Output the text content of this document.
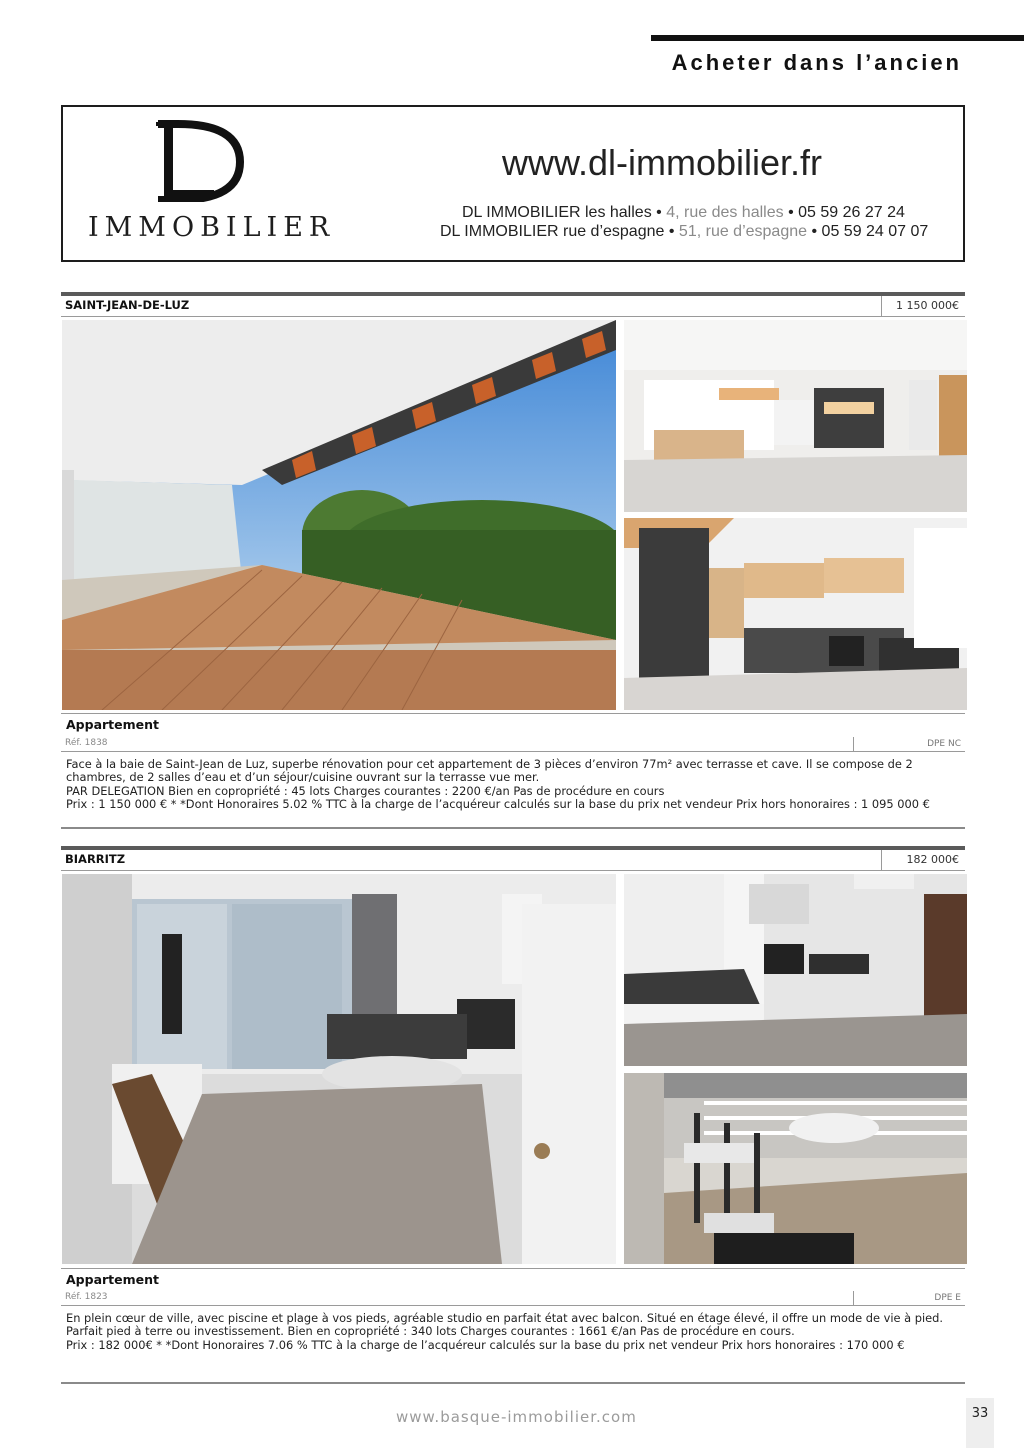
Acheter dans l’ancien
IMMOBILIER
www.dl-immobilier.fr
DL IMMOBILIER les halles • 4, rue des halles • 05 59 26 27 24
DL IMMOBILIER rue d’espagne • 51, rue d’espagne • 05 59 24 07 07
SAINT-JEAN-DE-LUZ	1 150 000€
Appartement
Réf. 1838	DPE NC

Face à la baie de Saint-Jean de Luz, superbe rénovation pour cet appartement de 3 pièces d’environ 77m² avec terrasse et cave. Il se compose de 2 chambres, de 2 salles d’eau et d’un séjour/cuisine ouvrant sur la terrasse vue mer.

PAR DELEGATION Bien en copropriété : 45 lots Charges courantes : 2200 €/an Pas de procédure en cours

Prix : 1 150 000 € * *Dont Honoraires 5.02 % TTC à la charge de l’acquéreur calculés sur la base du prix net vendeur Prix hors honoraires : 1 095 000 €

BIARRITZ	182 000€
Appartement
Réf. 1823	DPE E

En plein cœur de ville, avec piscine et plage à vos pieds, agréable studio en parfait état avec balcon. Situé en étage élevé, il offre un mode de vie à pied. Parfait pied à terre ou investissement. Bien en copropriété : 340 lots Charges courantes : 1661 €/an Pas de procédure en cours.

Prix : 182 000€ * *Dont Honoraires 7.06 % TTC à la charge de l’acquéreur calculés sur la base du prix net vendeur Prix hors honoraires : 170 000 €

www.basque-immobilier.com	33
